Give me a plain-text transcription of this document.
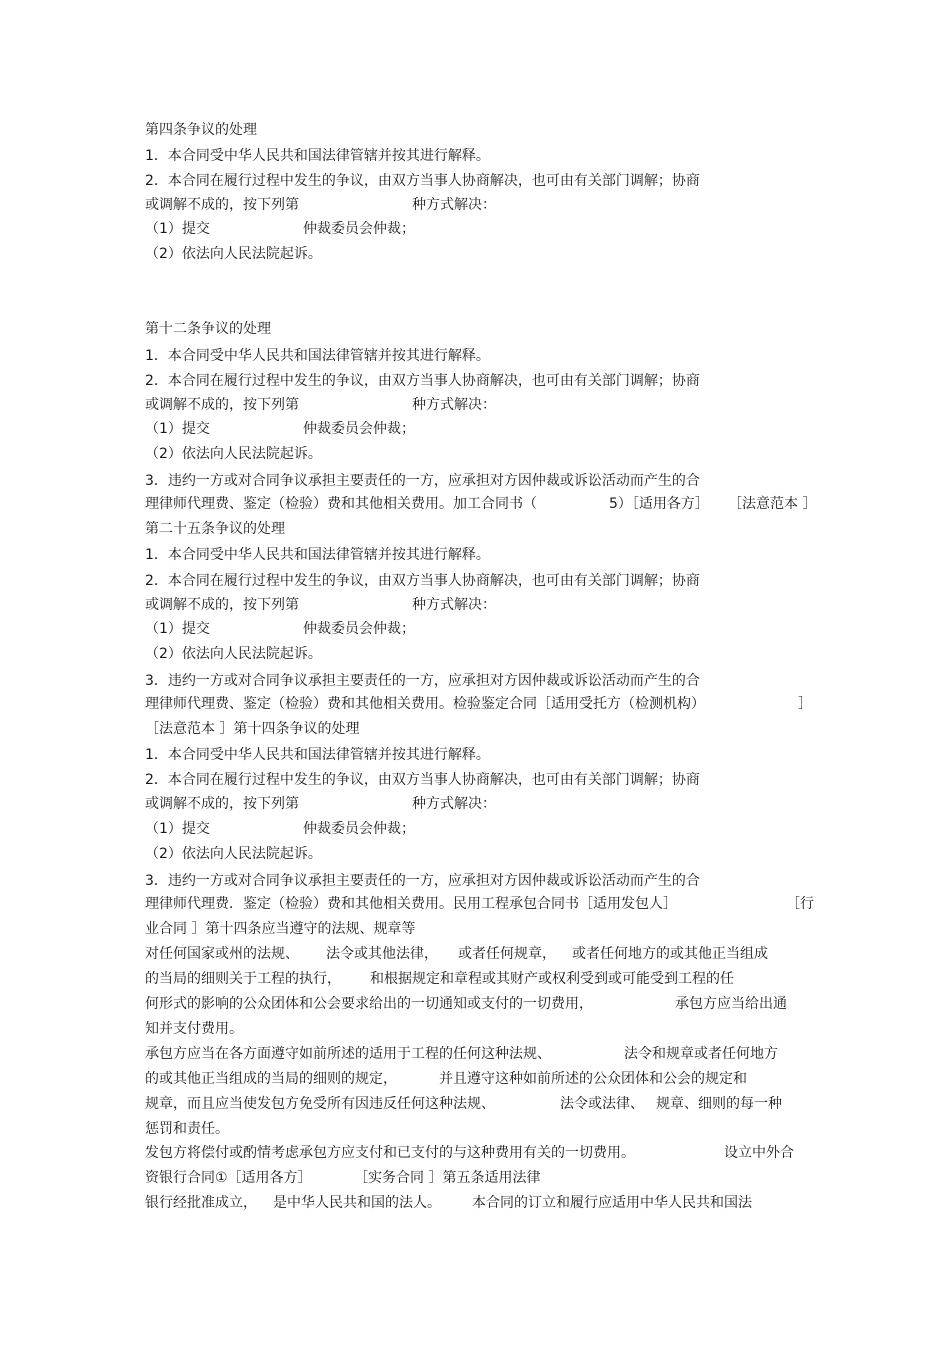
第四条争议的处理

1．本合同受中华人民共和国法律管辖并按其进行解释。

2．本合同在履行过程中发生的争议，由双方当事人协商解决，也可由有关部门调解；协商

或调解不成的，按下列第	种方式解决：

（1）提交	仲裁委员会仲裁；

（2）依法向人民法院起诉。

第十二条争议的处理

1．本合同受中华人民共和国法律管辖并按其进行解释。

2．本合同在履行过程中发生的争议，由双方当事人协商解决，也可由有关部门调解；协商

或调解不成的，按下列第	种方式解决：

（1）提交	仲裁委员会仲裁；

（2）依法向人民法院起诉。

3．违约一方或对合同争议承担主要责任的一方，应承担对方因仲裁或诉讼活动而产生的合

理律师代理费、鉴定（检验）费和其他相关费用。加工合同书（	5）［适用各方］ ［法意范本 ］

第二十五条争议的处理

1．本合同受中华人民共和国法律管辖并按其进行解释。

2．本合同在履行过程中发生的争议，由双方当事人协商解决，也可由有关部门调解；协商

或调解不成的，按下列第	种方式解决：

（1）提交	仲裁委员会仲裁；

（2）依法向人民法院起诉。

3．违约一方或对合同争议承担主要责任的一方，应承担对方因仲裁或诉讼活动而产生的合

理律师代理费、鉴定（检验）费和其他相关费用。检验鉴定合同［适用受托方（检测机构）	］

［法意范本 ］第十四条争议的处理

1．本合同受中华人民共和国法律管辖并按其进行解释。

2．本合同在履行过程中发生的争议，由双方当事人协商解决，也可由有关部门调解；协商

或调解不成的，按下列第	种方式解决：

（1）提交	仲裁委员会仲裁；

（2）依法向人民法院起诉。

3．违约一方或对合同争议承担主要责任的一方，应承担对方因仲裁或诉讼活动而产生的合

理律师代理费．鉴定（检验）费和其他相关费用。民用工程承包合同书［适用发包人］	［行

业合同 ］第十四条应当遵守的法规、规章等

对任何国家或州的法规、 法令或其他法律， 或者任何规章， 或者任何地方的或其他正当组成

的当局的细则关于工程的执行， 和根据规定和章程或其财产或权利受到或可能受到工程的任

何形式的影响的公众团体和公会要求给出的一切通知或支付的一切费用，	承包方应当给出通

知并支付费用。

承包方应当在各方面遵守如前所述的适用于工程的任何这种法规、	法令和规章或者任何地方

的或其他正当组成的当局的细则的规定，	并且遵守这种如前所述的公众团体和公会的规定和

规章，而且应当使发包方免受所有因违反任何这种法规、	法令或法律、 规章、细则的每一种

惩罚和责任。

发包方将偿付或酌情考虑承包方应支付和已支付的与这种费用有关的一切费用。	设立中外合

资银行合同①［适用各方］	［实务合同 ］第五条适用法律

银行经批准成立， 是中华人民共和国的法人。 本合同的订立和履行应适用中华人民共和国法
